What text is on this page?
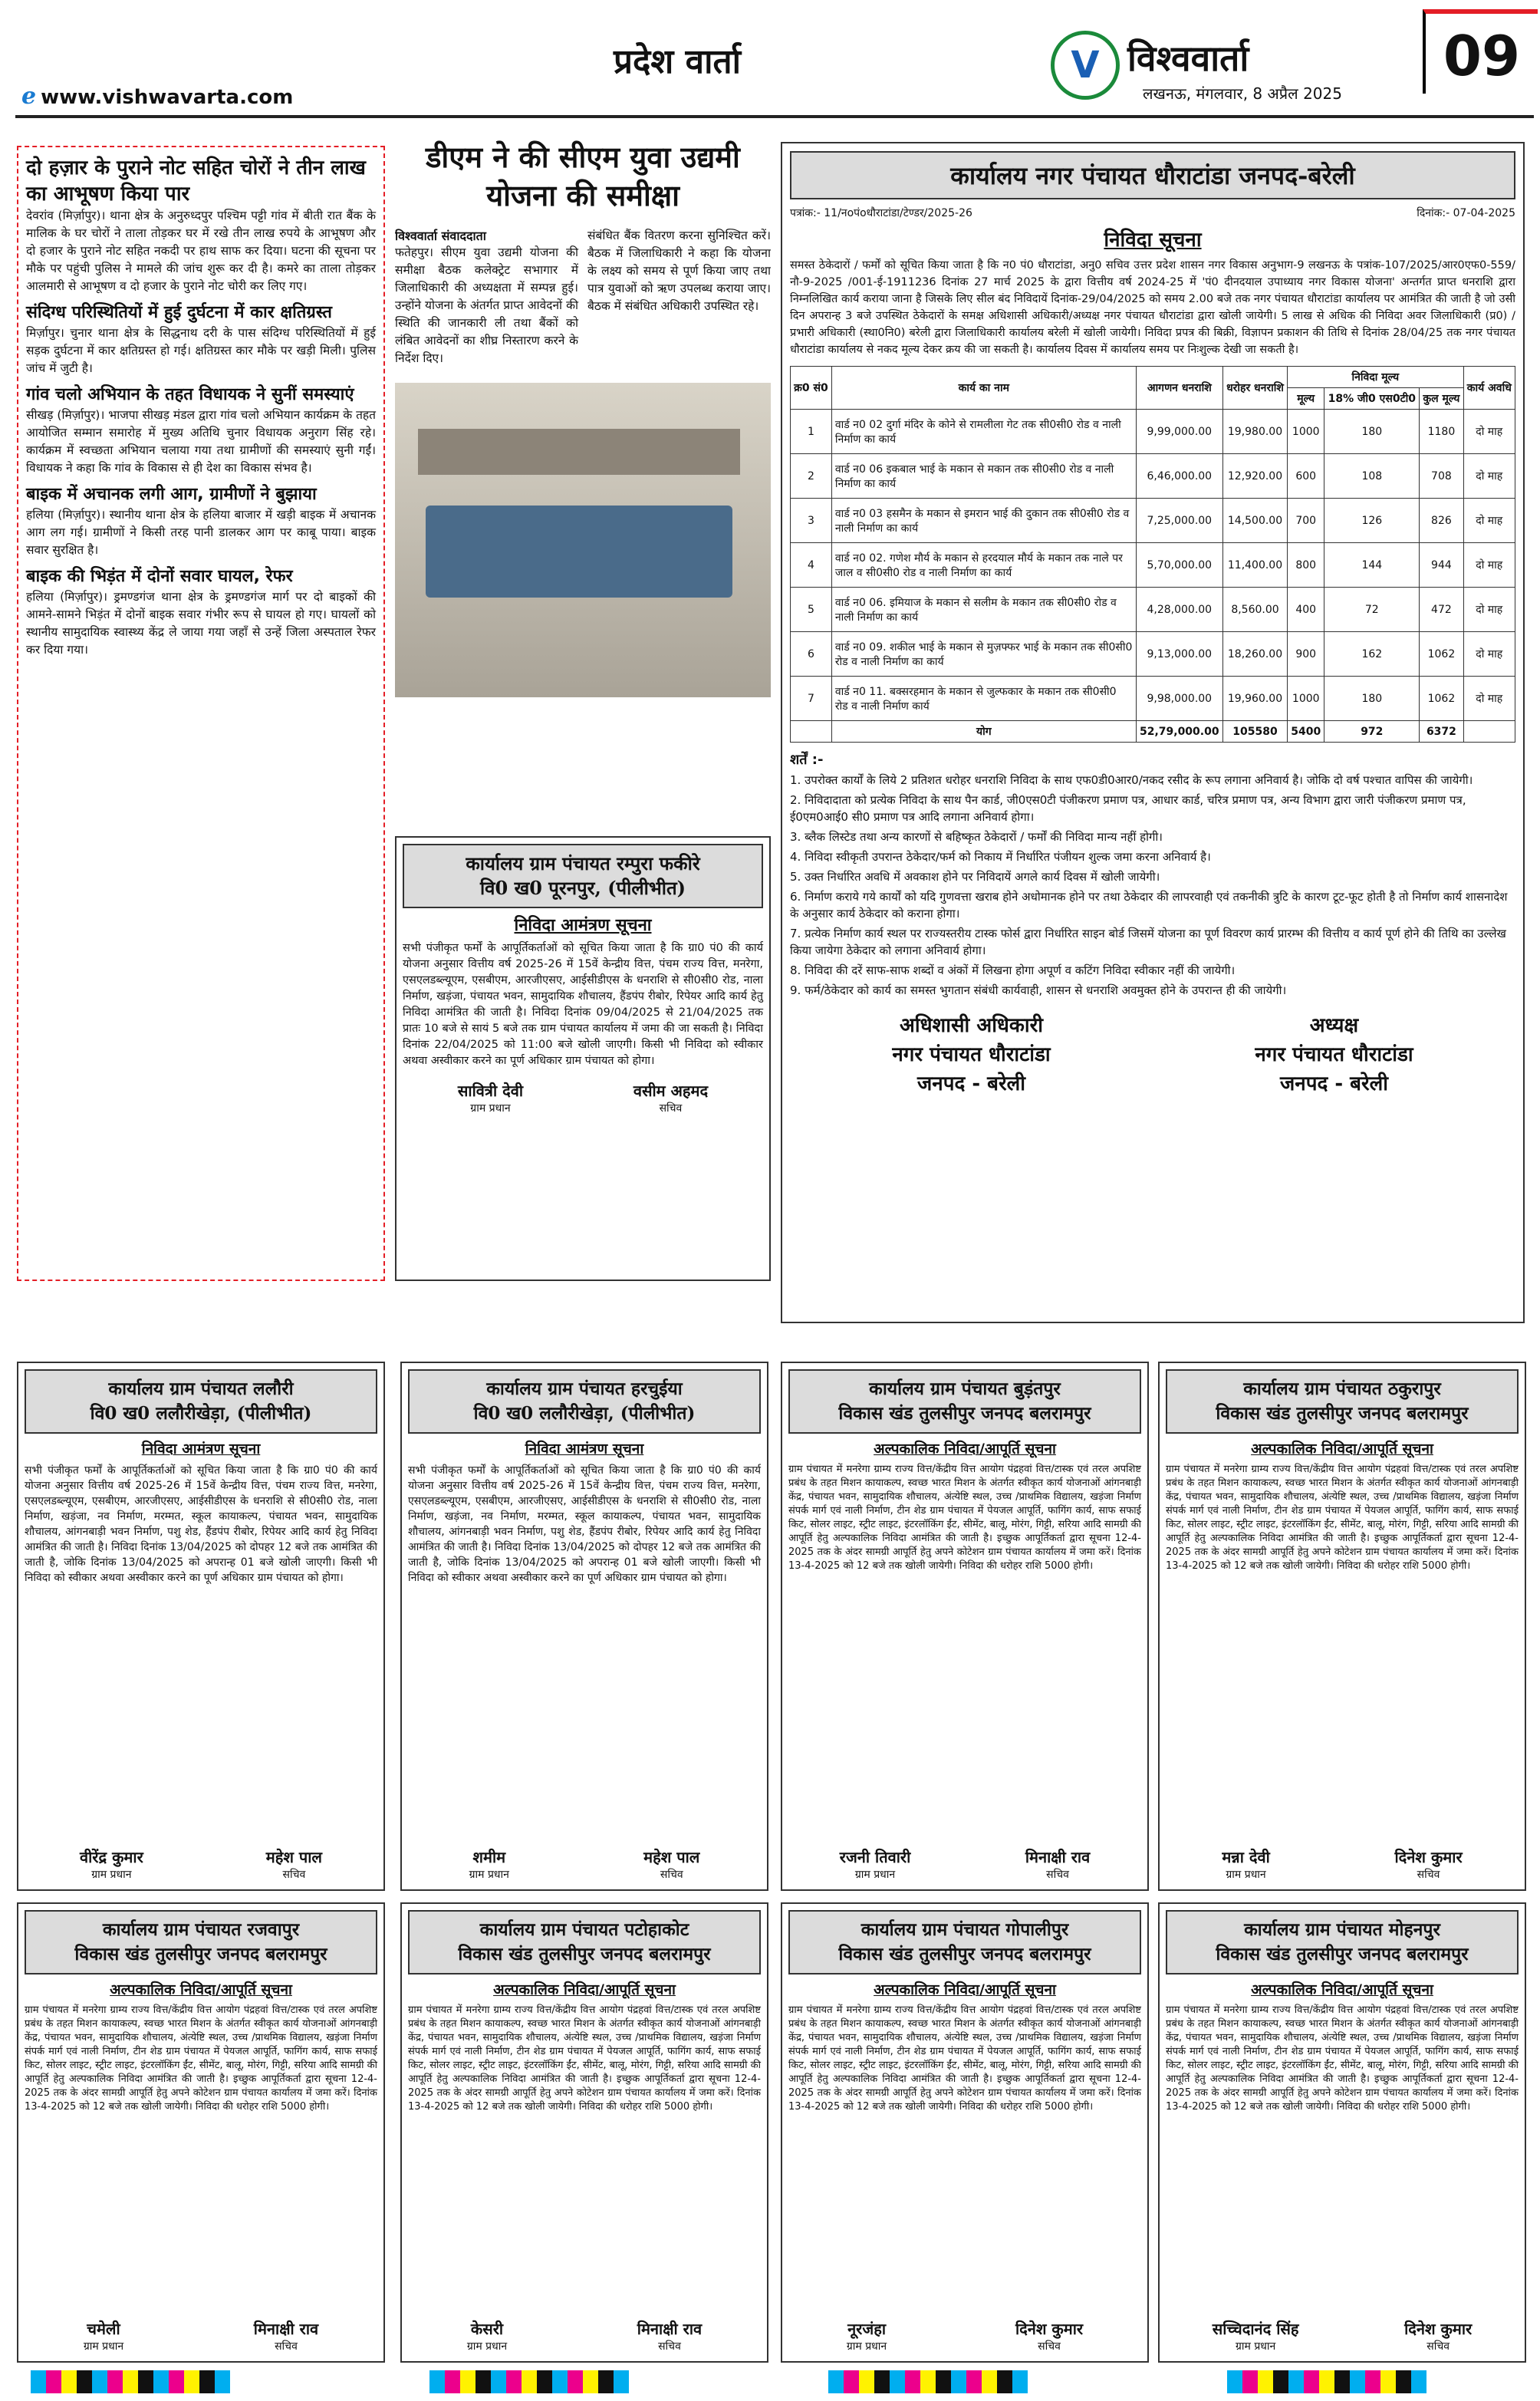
प्रदेश वार्ता	V विश्ववार्ता
लखनऊ, मंगलवार, 8 अप्रैल 2025
09
ℯ www.vishwavarta.com
दो हज़ार के पुराने नोट सहित चोरों ने तीन लाख का आभूषण किया पार

देवरांव (मिर्ज़ापुर)। थाना क्षेत्र के अनुरुध्दपुर पश्चिम पट्टी गांव में बीती रात बैंक के मालिक के घर चोरों ने ताला तोड़कर घर में रखे तीन लाख रुपये के आभूषण और दो हजार के पुराने नोट सहित नकदी पर हाथ साफ कर दिया। घटना की सूचना पर मौके पर पहुंची पुलिस ने मामले की जांच शुरू कर दी है। कमरे का ताला तोड़कर आलमारी से आभूषण व दो हजार के पुराने नोट चोरी कर लिए गए।

संदिग्ध परिस्थितियों में हुई दुर्घटना में कार क्षतिग्रस्त

मिर्ज़ापुर। चुनार थाना क्षेत्र के सिद्धनाथ दरी के पास संदिग्ध परिस्थितियों में हुई सड़क दुर्घटना में कार क्षतिग्रस्त हो गई। क्षतिग्रस्त कार मौके पर खड़ी मिली। पुलिस जांच में जुटी है।

गांव चलो अभियान के तहत विधायक ने सुनीं समस्याएं

सीखड़ (मिर्ज़ापुर)। भाजपा सीखड़ मंडल द्वारा गांव चलो अभियान कार्यक्रम के तहत आयोजित सम्मान समारोह में मुख्य अतिथि चुनार विधायक अनुराग सिंह रहे। कार्यक्रम में स्वच्छता अभियान चलाया गया तथा ग्रामीणों की समस्याएं सुनी गईं। विधायक ने कहा कि गांव के विकास से ही देश का विकास संभव है।

बाइक में अचानक लगी आग, ग्रामीणों ने बुझाया

हलिया (मिर्ज़ापुर)। स्थानीय थाना क्षेत्र के हलिया बाजार में खड़ी बाइक में अचानक आग लग गई। ग्रामीणों ने किसी तरह पानी डालकर आग पर काबू पाया। बाइक सवार सुरक्षित है।

बाइक की भिड़ंत में दोनों सवार घायल, रेफर

हलिया (मिर्ज़ापुर)। ड्रमण्डगंज थाना क्षेत्र के ड्रमण्डगंज मार्ग पर दो बाइकों की आमने-सामने भिड़ंत में दोनों बाइक सवार गंभीर रूप से घायल हो गए। घायलों को स्थानीय सामुदायिक स्वास्थ्य केंद्र ले जाया गया जहाँ से उन्हें जिला अस्पताल रेफर कर दिया गया।

डीएम ने की सीएम युवा उद्यमी योजना की समीक्षा
विश्ववार्ता संवाददाता

फतेहपुर। सीएम युवा उद्यमी योजना की समीक्षा बैठक कलेक्ट्रेट सभागार में जिलाधिकारी की अध्यक्षता में सम्पन्न हुई। उन्होंने योजना के अंतर्गत प्राप्त आवेदनों की स्थिति की जानकारी ली तथा बैंकों को लंबित आवेदनों का शीघ्र निस्तारण करने के निर्देश दिए।

संबंधित बैंक वितरण करना सुनिश्चित करें। बैठक में जिलाधिकारी ने कहा कि योजना के लक्ष्य को समय से पूर्ण किया जाए तथा पात्र युवाओं को ऋण उपलब्ध कराया जाए। बैठक में संबंधित अधिकारी उपस्थित रहे।

कार्यालय ग्राम पंचायत रम्पुरा फकीरे
वि0 ख0 पूरनपुर, (पीलीभीत)
निविदा आमंत्रण सूचना

सभी पंजीकृत फर्मों के आपूर्तिकर्ताओं को सूचित किया जाता है कि ग्रा0 पं0 की कार्य योजना अनुसार वित्तीय वर्ष 2025-26 में 15वें केन्द्रीय वित्त, पंचम राज्य वित्त, मनरेगा, एसएलडब्ल्यूएम, एसबीएम, आरजीएसए, आईसीडीएस के धनराशि से सी0सी0 रोड, नाला निर्माण, खड़ंजा, पंचायत भवन, सामुदायिक शौचालय, हैंडपंप रीबोर, रिपेयर आदि कार्य हेतु निविदा आमंत्रित की जाती है। निविदा दिनांक 09/04/2025 से 21/04/2025 तक प्रातः 10 बजे से सायं 5 बजे तक ग्राम पंचायत कार्यालय में जमा की जा सकती है। निविदा दिनांक 22/04/2025 को 11:00 बजे खोली जाएगी। किसी भी निविदा को स्वीकार अथवा अस्वीकार करने का पूर्ण अधिकार ग्राम पंचायत को होगा।

सावित्री देवी
ग्राम प्रधान
वसीम अहमद
सचिव
कार्यालय नगर पंचायत धौराटांडा जनपद-बरेली
पत्रांक:- 11/नoपंoधौराटांडा/टेण्डर/2025-26	दिनांक:- 07-04-2025
निविदा सूचना

समस्त ठेकेदारों / फर्मों को सूचित किया जाता है कि न0 पं0 धौराटांडा, अनु0 सचिव उत्तर प्रदेश शासन नगर विकास अनुभाग-9 लखनऊ के पत्रांक-107/2025/आर0एफ0-559/नौ-9-2025 /001-ई-1911236 दिनांक 27 मार्च 2025 के द्वारा वित्तीय वर्ष 2024-25 में 'पं0 दीनदयाल उपाध्याय नगर विकास योजना' अन्तर्गत प्राप्त धनराशि द्वारा निम्नलिखित कार्य कराया जाना है जिसके लिए सील बंद निविदायें दिनांक-29/04/2025 को समय 2.00 बजे तक नगर पंचायत धौराटांडा कार्यालय पर आमंत्रित की जाती है जो उसी दिन अपरान्ह 3 बजे उपस्थित ठेकेदारों के समक्ष अधिशासी अधिकारी/अध्यक्ष नगर पंचायत धौराटांडा द्वारा खोली जायेगी। 5 लाख से अधिक की निविदा अवर जिलाधिकारी (प्र0) / प्रभारी अधिकारी (स्था0नि0) बरेली द्वारा जिलाधिकारी कार्यालय बरेली में खोली जायेगी। निविदा प्रपत्र की बिक्री, विज्ञापन प्रकाशन की तिथि से दिनांक 28/04/25 तक नगर पंचायत धौराटांडा कार्यालय से नकद मूल्य देकर क्रय की जा सकती है। कार्यालय दिवस में कार्यालय समय पर निःशुल्क देखी जा सकती है।

क्र0 सं0	कार्य का नाम	आगणन धनराशि	धरोहर धनराशि	निविदा मूल्य			कार्य अवधि
				मूल्य	18% जी0 एस0टी0	कुल मूल्य	
1	वार्ड न0 02 दुर्गा मंदिर के कोने से रामलीला गेट तक सी0सी0 रोड व नाली निर्माण का कार्य	9,99,000.00	19,980.00	1000	180	1180	दो माह
2	वार्ड न0 06 इकबाल भाई के मकान से मकान तक सी0सी0 रोड व नाली निर्माण का कार्य	6,46,000.00	12,920.00	600	108	708	दो माह
3	वार्ड न0 03 हसमैन के मकान से इमरान भाई की दुकान तक सी0सी0 रोड व नाली निर्माण का कार्य	7,25,000.00	14,500.00	700	126	826	दो माह
4	वार्ड न0 02. गणेश मौर्य के मकान से हरदयाल मौर्य के मकान तक नाले पर जाल व सी0सी0 रोड व नाली निर्माण का कार्य	5,70,000.00	11,400.00	800	144	944	दो माह
5	वार्ड न0 06. इमियाज के मकान से सलीम के मकान तक सी0सी0 रोड व नाली निर्माण का कार्य	4,28,000.00	8,560.00	400	72	472	दो माह
6	वार्ड न0 09. शकील भाई के मकान से मुज़फ्फर भाई के मकान तक सी0सी0 रोड व नाली निर्माण का कार्य	9,13,000.00	18,260.00	900	162	1062	दो माह
7	वार्ड न0 11. बक्सरहमान के मकान से जुल्फकार के मकान तक सी0सी0 रोड व नाली निर्माण कार्य	9,98,000.00	19,960.00	1000	180	1062	दो माह
	योग	52,79,000.00	105580	5400	972	6372	
शर्तें :-

1. उपरोक्त कार्यों के लिये 2 प्रतिशत धरोहर धनराशि निविदा के साथ एफ0डी0आर0/नकद रसीद के रूप लगाना अनिवार्य है। जोकि दो वर्ष पश्चात वापिस की जायेगी।

2. निविदादाता को प्रत्येक निविदा के साथ पैन कार्ड, जी0एस0टी पंजीकरण प्रमाण पत्र, आधार कार्ड, चरित्र प्रमाण पत्र, अन्य विभाग द्वारा जारी पंजीकरण प्रमाण पत्र, ई0एम0आई0 सी0 प्रमाण पत्र आदि लगाना अनिवार्य होगा।

3. ब्लैक लिस्टेड तथा अन्य कारणों से बहिष्कृत ठेकेदारों / फर्मों की निविदा मान्य नहीं होगी।

4. निविदा स्वीकृती उपरान्त ठेकेदार/फर्म को निकाय में निर्धारित पंजीयन शुल्क जमा करना अनिवार्य है।

5. उक्त निर्धारित अवधि में अवकाश होने पर निविदायें अगले कार्य दिवस में खोली जायेगी।

6. निर्माण कराये गये कार्यों को यदि गुणवत्ता खराब होने अधोमानक होने पर तथा ठेकेदार की लापरवाही एवं तकनीकी त्रुटि के कारण टूट-फूट होती है तो निर्माण कार्य शासनादेश के अनुसार कार्य ठेकेदार को कराना होगा।

7. प्रत्येक निर्माण कार्य स्थल पर राज्यस्तरीय टास्क फोर्स द्वारा निर्धारित साइन बोर्ड जिसमें योजना का पूर्ण विवरण कार्य प्रारम्भ की वित्तीय व कार्य पूर्ण होने की तिथि का उल्लेख किया जायेगा ठेकेदार को लगाना अनिवार्य होगा।

8. निविदा की दरें साफ-साफ शब्दों व अंकों में लिखना होगा अपूर्ण व कटिंग निविदा स्वीकार नहीं की जायेगी।

9. फर्म/ठेकेदार को कार्य का समस्त भुगतान संबंधी कार्यवाही, शासन से धनराशि अवमुक्त होने के उपरान्त ही की जायेगी।

अधिशासी अधिकारी
नगर पंचायत धौराटांडा
जनपद - बरेली
अध्यक्ष
नगर पंचायत धौराटांडा
जनपद - बरेली
कार्यालय ग्राम पंचायत ललौरी
वि0 ख0 ललौरीखेड़ा, (पीलीभीत)
निविदा आमंत्रण सूचना

सभी पंजीकृत फर्मों के आपूर्तिकर्ताओं को सूचित किया जाता है कि ग्रा0 पं0 की कार्य योजना अनुसार वित्तीय वर्ष 2025-26 में 15वें केन्द्रीय वित्त, पंचम राज्य वित्त, मनरेगा, एसएलडब्ल्यूएम, एसबीएम, आरजीएसए, आईसीडीएस के धनराशि से सी0सी0 रोड, नाला निर्माण, खड़ंजा, नव निर्माण, मरम्मत, स्कूल कायाकल्प, पंचायत भवन, सामुदायिक शौचालय, आंगनबाड़ी भवन निर्माण, पशु शेड, हैंडपंप रीबोर, रिपेयर आदि कार्य हेतु निविदा आमंत्रित की जाती है। निविदा दिनांक 13/04/2025 को दोपहर 12 बजे तक आमंत्रित की जाती है, जोकि दिनांक 13/04/2025 को अपरान्ह 01 बजे खोली जाएगी। किसी भी निविदा को स्वीकार अथवा अस्वीकार करने का पूर्ण अधिकार ग्राम पंचायत को होगा।

वीरेंद्र कुमार
ग्राम प्रधान
महेश पाल
सचिव
कार्यालय ग्राम पंचायत हरचुईया
वि0 ख0 ललौरीखेड़ा, (पीलीभीत)
निविदा आमंत्रण सूचना

सभी पंजीकृत फर्मों के आपूर्तिकर्ताओं को सूचित किया जाता है कि ग्रा0 पं0 की कार्य योजना अनुसार वित्तीय वर्ष 2025-26 में 15वें केन्द्रीय वित्त, पंचम राज्य वित्त, मनरेगा, एसएलडब्ल्यूएम, एसबीएम, आरजीएसए, आईसीडीएस के धनराशि से सी0सी0 रोड, नाला निर्माण, खड़ंजा, नव निर्माण, मरम्मत, स्कूल कायाकल्प, पंचायत भवन, सामुदायिक शौचालय, आंगनबाड़ी भवन निर्माण, पशु शेड, हैंडपंप रीबोर, रिपेयर आदि कार्य हेतु निविदा आमंत्रित की जाती है। निविदा दिनांक 13/04/2025 को दोपहर 12 बजे तक आमंत्रित की जाती है, जोकि दिनांक 13/04/2025 को अपरान्ह 01 बजे खोली जाएगी। किसी भी निविदा को स्वीकार अथवा अस्वीकार करने का पूर्ण अधिकार ग्राम पंचायत को होगा।

शमीम
ग्राम प्रधान
महेश पाल
सचिव
कार्यालय ग्राम पंचायत बुड़ंतपुर
विकास खंड तुलसीपुर जनपद बलरामपुर
अल्पकालिक निविदा/आपूर्ति सूचना

ग्राम पंचायत में मनरेगा ग्राम्य राज्य वित्त/केंद्रीय वित्त आयोग पंद्रहवां वित्त/टास्क एवं तरल अपशिष्ट प्रबंध के तहत मिशन कायाकल्प, स्वच्छ भारत मिशन के अंतर्गत स्वीकृत कार्य योजनाओं आंगनबाड़ी केंद्र, पंचायत भवन, सामुदायिक शौचालय, अंत्येष्टि स्थल, उच्च /प्राथमिक विद्यालय, खड़ंजा निर्माण संपर्क मार्ग एवं नाली निर्माण, टीन शेड ग्राम पंचायत में पेयजल आपूर्ति, फागिंग कार्य, साफ सफाई किट, सोलर लाइट, स्ट्रीट लाइट, इंटरलॉकिंग ईंट, सीमेंट, बालू, मोरंग, गिट्टी, सरिया आदि सामग्री की आपूर्ति हेतु अल्पकालिक निविदा आमंत्रित की जाती है। इच्छुक आपूर्तिकर्ता द्वारा सूचना 12-4-2025 तक के अंदर सामग्री आपूर्ति हेतु अपने कोटेशन ग्राम पंचायत कार्यालय में जमा करें। दिनांक 13-4-2025 को 12 बजे तक खोली जायेगी। निविदा की धरोहर राशि 5000 होगी।

रजनी तिवारी
ग्राम प्रधान
मिनाक्षी राव
सचिव
कार्यालय ग्राम पंचायत ठकुरापुर
विकास खंड तुलसीपुर जनपद बलरामपुर
अल्पकालिक निविदा/आपूर्ति सूचना

ग्राम पंचायत में मनरेगा ग्राम्य राज्य वित्त/केंद्रीय वित्त आयोग पंद्रहवां वित्त/टास्क एवं तरल अपशिष्ट प्रबंध के तहत मिशन कायाकल्प, स्वच्छ भारत मिशन के अंतर्गत स्वीकृत कार्य योजनाओं आंगनबाड़ी केंद्र, पंचायत भवन, सामुदायिक शौचालय, अंत्येष्टि स्थल, उच्च /प्राथमिक विद्यालय, खड़ंजा निर्माण संपर्क मार्ग एवं नाली निर्माण, टीन शेड ग्राम पंचायत में पेयजल आपूर्ति, फागिंग कार्य, साफ सफाई किट, सोलर लाइट, स्ट्रीट लाइट, इंटरलॉकिंग ईंट, सीमेंट, बालू, मोरंग, गिट्टी, सरिया आदि सामग्री की आपूर्ति हेतु अल्पकालिक निविदा आमंत्रित की जाती है। इच्छुक आपूर्तिकर्ता द्वारा सूचना 12-4-2025 तक के अंदर सामग्री आपूर्ति हेतु अपने कोटेशन ग्राम पंचायत कार्यालय में जमा करें। दिनांक 13-4-2025 को 12 बजे तक खोली जायेगी। निविदा की धरोहर राशि 5000 होगी।

मन्ना देवी
ग्राम प्रधान
दिनेश कुमार
सचिव
कार्यालय ग्राम पंचायत रजवापुर
विकास खंड तुलसीपुर जनपद बलरामपुर
अल्पकालिक निविदा/आपूर्ति सूचना

ग्राम पंचायत में मनरेगा ग्राम्य राज्य वित्त/केंद्रीय वित्त आयोग पंद्रहवां वित्त/टास्क एवं तरल अपशिष्ट प्रबंध के तहत मिशन कायाकल्प, स्वच्छ भारत मिशन के अंतर्गत स्वीकृत कार्य योजनाओं आंगनबाड़ी केंद्र, पंचायत भवन, सामुदायिक शौचालय, अंत्येष्टि स्थल, उच्च /प्राथमिक विद्यालय, खड़ंजा निर्माण संपर्क मार्ग एवं नाली निर्माण, टीन शेड ग्राम पंचायत में पेयजल आपूर्ति, फागिंग कार्य, साफ सफाई किट, सोलर लाइट, स्ट्रीट लाइट, इंटरलॉकिंग ईंट, सीमेंट, बालू, मोरंग, गिट्टी, सरिया आदि सामग्री की आपूर्ति हेतु अल्पकालिक निविदा आमंत्रित की जाती है। इच्छुक आपूर्तिकर्ता द्वारा सूचना 12-4-2025 तक के अंदर सामग्री आपूर्ति हेतु अपने कोटेशन ग्राम पंचायत कार्यालय में जमा करें। दिनांक 13-4-2025 को 12 बजे तक खोली जायेगी। निविदा की धरोहर राशि 5000 होगी।

चमेली
ग्राम प्रधान
मिनाक्षी राव
सचिव
कार्यालय ग्राम पंचायत पटोहाकोट
विकास खंड तुलसीपुर जनपद बलरामपुर
अल्पकालिक निविदा/आपूर्ति सूचना

ग्राम पंचायत में मनरेगा ग्राम्य राज्य वित्त/केंद्रीय वित्त आयोग पंद्रहवां वित्त/टास्क एवं तरल अपशिष्ट प्रबंध के तहत मिशन कायाकल्प, स्वच्छ भारत मिशन के अंतर्गत स्वीकृत कार्य योजनाओं आंगनबाड़ी केंद्र, पंचायत भवन, सामुदायिक शौचालय, अंत्येष्टि स्थल, उच्च /प्राथमिक विद्यालय, खड़ंजा निर्माण संपर्क मार्ग एवं नाली निर्माण, टीन शेड ग्राम पंचायत में पेयजल आपूर्ति, फागिंग कार्य, साफ सफाई किट, सोलर लाइट, स्ट्रीट लाइट, इंटरलॉकिंग ईंट, सीमेंट, बालू, मोरंग, गिट्टी, सरिया आदि सामग्री की आपूर्ति हेतु अल्पकालिक निविदा आमंत्रित की जाती है। इच्छुक आपूर्तिकर्ता द्वारा सूचना 12-4-2025 तक के अंदर सामग्री आपूर्ति हेतु अपने कोटेशन ग्राम पंचायत कार्यालय में जमा करें। दिनांक 13-4-2025 को 12 बजे तक खोली जायेगी। निविदा की धरोहर राशि 5000 होगी।

केसरी
ग्राम प्रधान
मिनाक्षी राव
सचिव
कार्यालय ग्राम पंचायत गोपालीपुर
विकास खंड तुलसीपुर जनपद बलरामपुर
अल्पकालिक निविदा/आपूर्ति सूचना

ग्राम पंचायत में मनरेगा ग्राम्य राज्य वित्त/केंद्रीय वित्त आयोग पंद्रहवां वित्त/टास्क एवं तरल अपशिष्ट प्रबंध के तहत मिशन कायाकल्प, स्वच्छ भारत मिशन के अंतर्गत स्वीकृत कार्य योजनाओं आंगनबाड़ी केंद्र, पंचायत भवन, सामुदायिक शौचालय, अंत्येष्टि स्थल, उच्च /प्राथमिक विद्यालय, खड़ंजा निर्माण संपर्क मार्ग एवं नाली निर्माण, टीन शेड ग्राम पंचायत में पेयजल आपूर्ति, फागिंग कार्य, साफ सफाई किट, सोलर लाइट, स्ट्रीट लाइट, इंटरलॉकिंग ईंट, सीमेंट, बालू, मोरंग, गिट्टी, सरिया आदि सामग्री की आपूर्ति हेतु अल्पकालिक निविदा आमंत्रित की जाती है। इच्छुक आपूर्तिकर्ता द्वारा सूचना 12-4-2025 तक के अंदर सामग्री आपूर्ति हेतु अपने कोटेशन ग्राम पंचायत कार्यालय में जमा करें। दिनांक 13-4-2025 को 12 बजे तक खोली जायेगी। निविदा की धरोहर राशि 5000 होगी।

नूरजंहा
ग्राम प्रधान
दिनेश कुमार
सचिव
कार्यालय ग्राम पंचायत मोहनपुर
विकास खंड तुलसीपुर जनपद बलरामपुर
अल्पकालिक निविदा/आपूर्ति सूचना

ग्राम पंचायत में मनरेगा ग्राम्य राज्य वित्त/केंद्रीय वित्त आयोग पंद्रहवां वित्त/टास्क एवं तरल अपशिष्ट प्रबंध के तहत मिशन कायाकल्प, स्वच्छ भारत मिशन के अंतर्गत स्वीकृत कार्य योजनाओं आंगनबाड़ी केंद्र, पंचायत भवन, सामुदायिक शौचालय, अंत्येष्टि स्थल, उच्च /प्राथमिक विद्यालय, खड़ंजा निर्माण संपर्क मार्ग एवं नाली निर्माण, टीन शेड ग्राम पंचायत में पेयजल आपूर्ति, फागिंग कार्य, साफ सफाई किट, सोलर लाइट, स्ट्रीट लाइट, इंटरलॉकिंग ईंट, सीमेंट, बालू, मोरंग, गिट्टी, सरिया आदि सामग्री की आपूर्ति हेतु अल्पकालिक निविदा आमंत्रित की जाती है। इच्छुक आपूर्तिकर्ता द्वारा सूचना 12-4-2025 तक के अंदर सामग्री आपूर्ति हेतु अपने कोटेशन ग्राम पंचायत कार्यालय में जमा करें। दिनांक 13-4-2025 को 12 बजे तक खोली जायेगी। निविदा की धरोहर राशि 5000 होगी।

सच्चिदानंद सिंह
ग्राम प्रधान
दिनेश कुमार
सचिव
